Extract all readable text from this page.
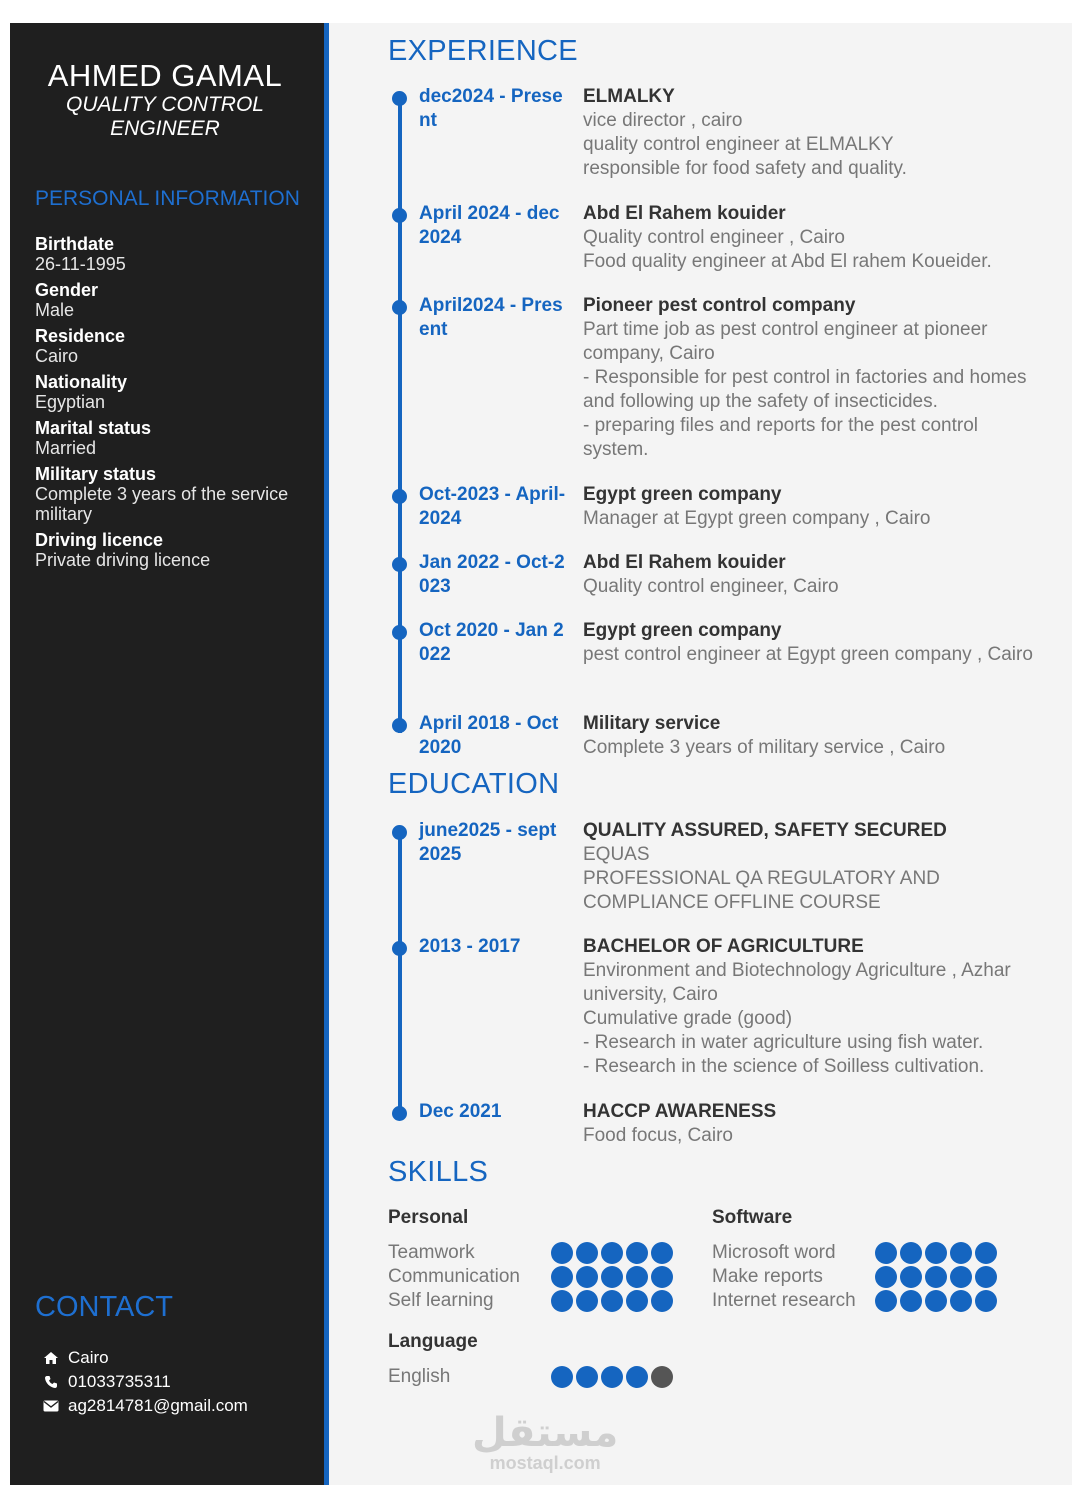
AHMED GAMAL
QUALITY CONTROL
ENGINEER
PERSONAL INFORMATION
Birthdate
26-11-1995
Gender
Male
Residence
Cairo
Nationality
Egyptian
Marital status
Married
Military status
Complete 3 years of the service military
Driving licence
Private driving licence
CONTACT
Cairo
01033735311
ag2814781@gmail.com
EXPERIENCE
dec2024 - Present
ELMALKY
vice director , cairo
quality control engineer at ELMALKY
responsible for food safety and quality.
April 2024 - dec 2024
Abd El Rahem kouider
Quality control engineer , Cairo
Food quality engineer at Abd El rahem Koueider.
April2024 - Present
Pioneer pest control company
Part time job as pest control engineer at pioneer company, Cairo
- Responsible for pest control in factories and homes and following up the safety of insecticides.
- preparing files and reports for the pest control system.
Oct-2023 - April-2024
Egypt green company
Manager at Egypt green company , Cairo
Jan 2022 - Oct-2023
Abd El Rahem kouider
Quality control engineer, Cairo
Oct 2020 - Jan 2022
Egypt green company
pest control engineer at Egypt green company , Cairo
April 2018 - Oct 2020
Military service
Complete 3 years of military service , Cairo
EDUCATION
june2025 - sept 2025
QUALITY ASSURED, SAFETY SECURED
EQUAS
PROFESSIONAL QA REGULATORY AND COMPLIANCE OFFLINE COURSE
2013 - 2017	BACHELOR OF AGRICULTURE
Environment and Biotechnology Agriculture , Azhar university, Cairo
Cumulative grade (good)
- Research in water agriculture using fish water.
- Research in the science of Soilless cultivation.
Dec 2021	HACCP AWARENESS
Food focus, Cairo
SKILLS
Personal
Teamwork
Communication
Self learning
Software
Microsoft word
Make reports
Internet research
Language
English
مستقل
mostaql.com
